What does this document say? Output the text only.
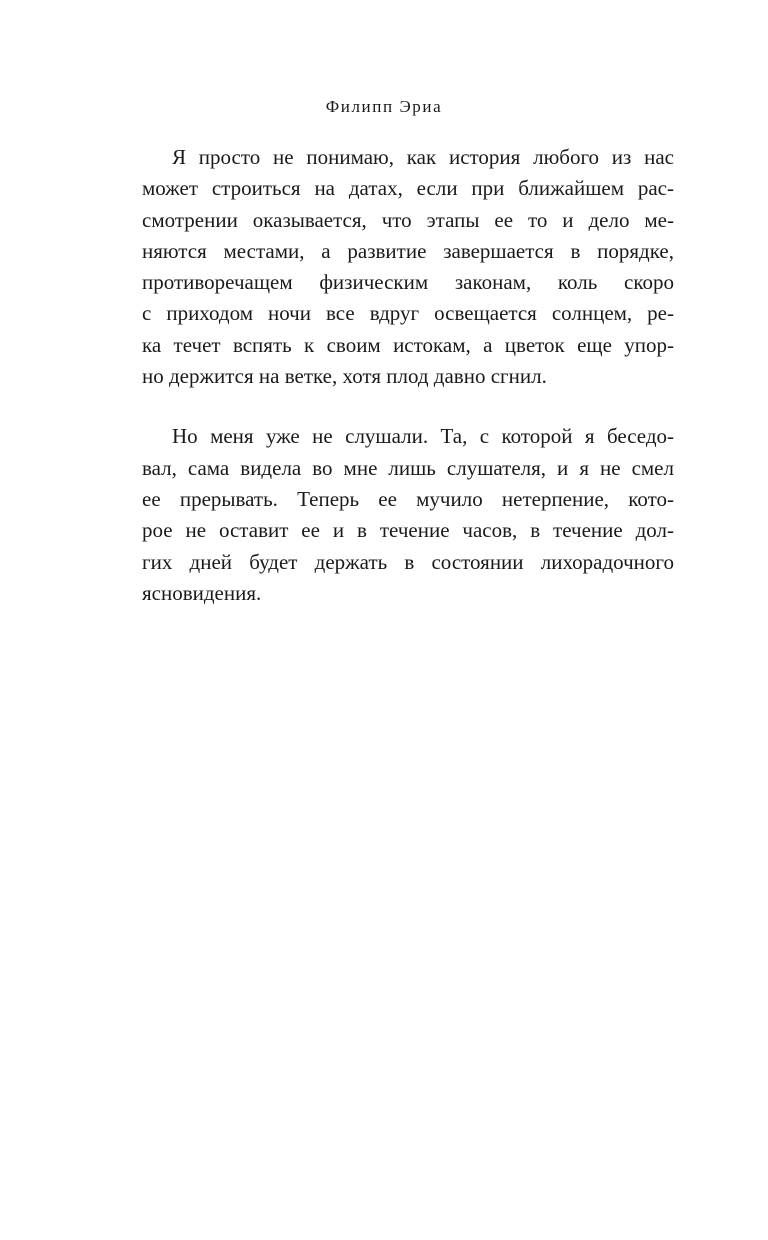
Филипп Эриа

Я просто не понимаю, как история любого из нас
может строиться на датах, если при ближайшем рас-
смотрении оказывается, что этапы ее то и дело ме-
няются местами, а развитие завершается в порядке,
противоречащем физическим законам, коль скоро
с приходом ночи все вдруг освещается солнцем, ре-
ка течет вспять к своим истокам, а цветок еще упор-
но держится на ветке, хотя плод давно сгнил.

Но меня уже не слушали. Та, с которой я беседо-
вал, сама видела во мне лишь слушателя, и я не смел
ее прерывать. Теперь ее мучило нетерпение, кото-
рое не оставит ее и в течение часов, в течение дол-
гих дней будет держать в состоянии лихорадочного
ясновидения.
